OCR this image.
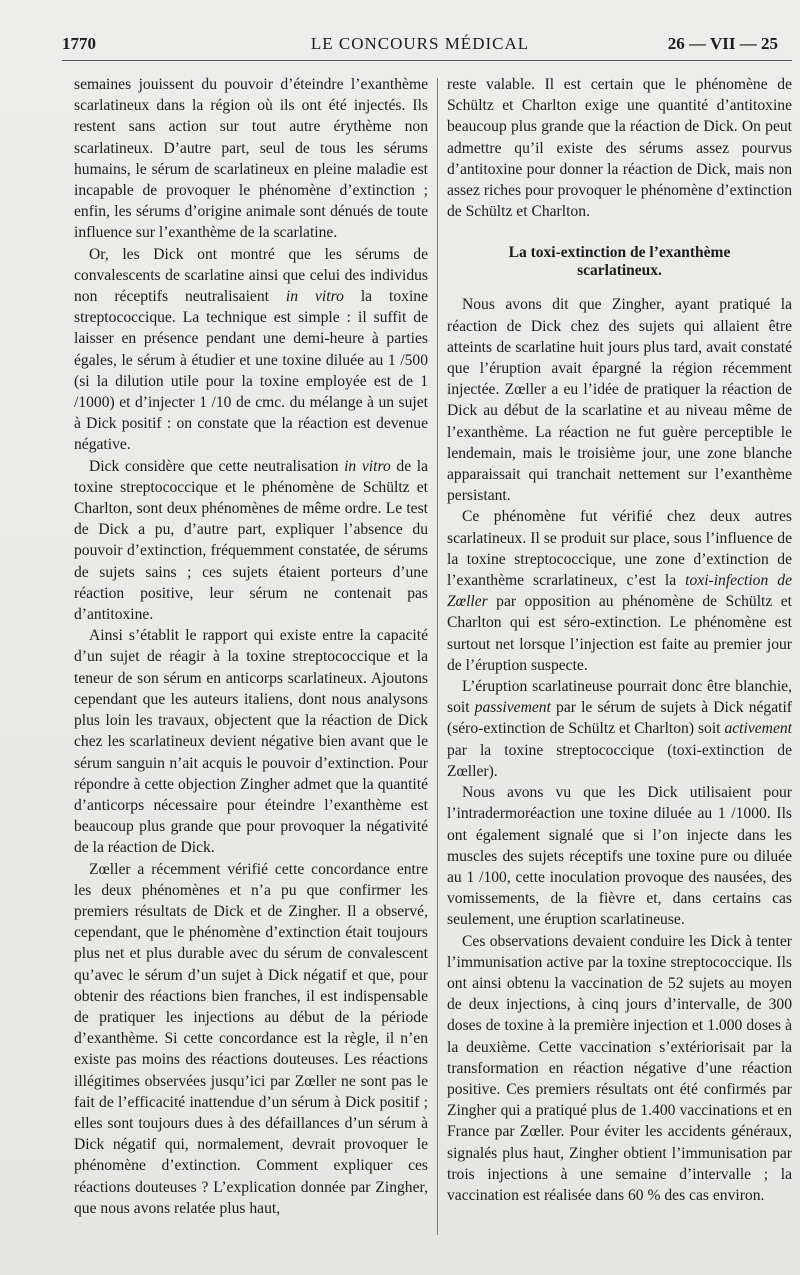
1770	LE CONCOURS MÉDICAL	26 — VII — 25

semaines jouissent du pouvoir d’éteindre l’exanthème scarlatineux dans la région où ils ont été injectés. Ils restent sans action sur tout autre érythème non scarlatineux. D’autre part, seul de tous les sérums humains, le sérum de scarlatineux en pleine maladie est incapable de provoquer le phénomène d’extinction ; enfin, les sérums d’origine animale sont dénués de toute influence sur l’exanthème de la scarlatine.

Or, les Dick ont montré que les sérums de convalescents de scarlatine ainsi que celui des individus non réceptifs neutralisaient in vitro la toxine streptococcique. La technique est simple : il suffit de laisser en présence pendant une demi-heure à parties égales, le sérum à étudier et une toxine diluée au 1 /500 (si la dilution utile pour la toxine employée est de 1 /1000) et d’injecter 1 /10 de cmc. du mélange à un sujet à Dick positif : on constate que la réaction est devenue négative.

Dick considère que cette neutralisation in vitro de la toxine streptococcique et le phénomène de Schültz et Charlton, sont deux phénomènes de même ordre. Le test de Dick a pu, d’autre part, expliquer l’absence du pouvoir d’extinction, fréquemment constatée, de sérums de sujets sains ; ces sujets étaient porteurs d’une réaction positive, leur sérum ne contenait pas d’antitoxine.

Ainsi s’établit le rapport qui existe entre la capacité d’un sujet de réagir à la toxine streptococcique et la teneur de son sérum en anticorps scarlatineux. Ajoutons cependant que les auteurs italiens, dont nous analysons plus loin les travaux, objectent que la réaction de Dick chez les scarlatineux devient négative bien avant que le sérum sanguin n’ait acquis le pouvoir d’extinction. Pour répondre à cette objection Zingher admet que la quantité d’anticorps nécessaire pour éteindre l’exanthème est beaucoup plus grande que pour provoquer la négativité de la réaction de Dick.

Zœller a récemment vérifié cette concordance entre les deux phénomènes et n’a pu que confirmer les premiers résultats de Dick et de Zingher. Il a observé, cependant, que le phénomène d’extinction était toujours plus net et plus durable avec du sérum de convalescent qu’avec le sérum d’un sujet à Dick négatif et que, pour obtenir des réactions bien franches, il est indispensable de pratiquer les injections au début de la période d’exanthème. Si cette concordance est la règle, il n’en existe pas moins des réactions douteuses. Les réactions illégitimes observées jusqu’ici par Zœller ne sont pas le fait de l’efficacité inattendue d’un sérum à Dick positif ; elles sont toujours dues à des défaillances d’un sérum à Dick négatif qui, normalement, devrait provoquer le phénomène d’extinction. Comment expliquer ces réactions douteuses ? L’explication donnée par Zingher, que nous avons relatée plus haut,

reste valable. Il est certain que le phénomène de Schültz et Charlton exige une quantité d’antitoxine beaucoup plus grande que la réaction de Dick. On peut admettre qu’il existe des sérums assez pourvus d’antitoxine pour donner la réaction de Dick, mais non assez riches pour provoquer le phénomène d’extinction de Schültz et Charlton.

La toxi-extinction de l’exanthème
scarlatineux.

Nous avons dit que Zingher, ayant pratiqué la réaction de Dick chez des sujets qui allaient être atteints de scarlatine huit jours plus tard, avait constaté que l’éruption avait épargné la région récemment injectée. Zœller a eu l’idée de pratiquer la réaction de Dick au début de la scarlatine et au niveau même de l’exanthème. La réaction ne fut guère perceptible le lendemain, mais le troisième jour, une zone blanche apparaissait qui tranchait nettement sur l’exanthème persistant.

Ce phénomène fut vérifié chez deux autres scarlatineux. Il se produit sur place, sous l’influence de la toxine streptococcique, une zone d’extinction de l’exanthème scrarlatineux, c’est la toxi-infection de Zœller par opposition au phénomène de Schültz et Charlton qui est séro-extinction. Le phénomène est surtout net lorsque l’injection est faite au premier jour de l’éruption suspecte.

L’éruption scarlatineuse pourrait donc être blanchie, soit passivement par le sérum de sujets à Dick négatif (séro-extinction de Schültz et Charlton) soit activement par la toxine streptococcique (toxi-extinction de Zœller).

Nous avons vu que les Dick utilisaient pour l’intradermoréaction une toxine diluée au 1 /1000. Ils ont également signalé que si l’on injecte dans les muscles des sujets réceptifs une toxine pure ou diluée au 1 /100, cette inoculation provoque des nausées, des vomissements, de la fièvre et, dans certains cas seulement, une éruption scarlatineuse.

Ces observations devaient conduire les Dick à tenter l’immunisation active par la toxine streptococcique. Ils ont ainsi obtenu la vaccination de 52 sujets au moyen de deux injections, à cinq jours d’intervalle, de 300 doses de toxine à la première injection et 1.000 doses à la deuxième. Cette vaccination s’extériorisait par la transformation en réaction négative d’une réaction positive. Ces premiers résultats ont été confirmés par Zingher qui a pratiqué plus de 1.400 vaccinations et en France par Zœller. Pour éviter les accidents généraux, signalés plus haut, Zingher obtient l’immunisation par trois injections à une semaine d’intervalle ; la vaccination est réalisée dans 60 % des cas environ.
